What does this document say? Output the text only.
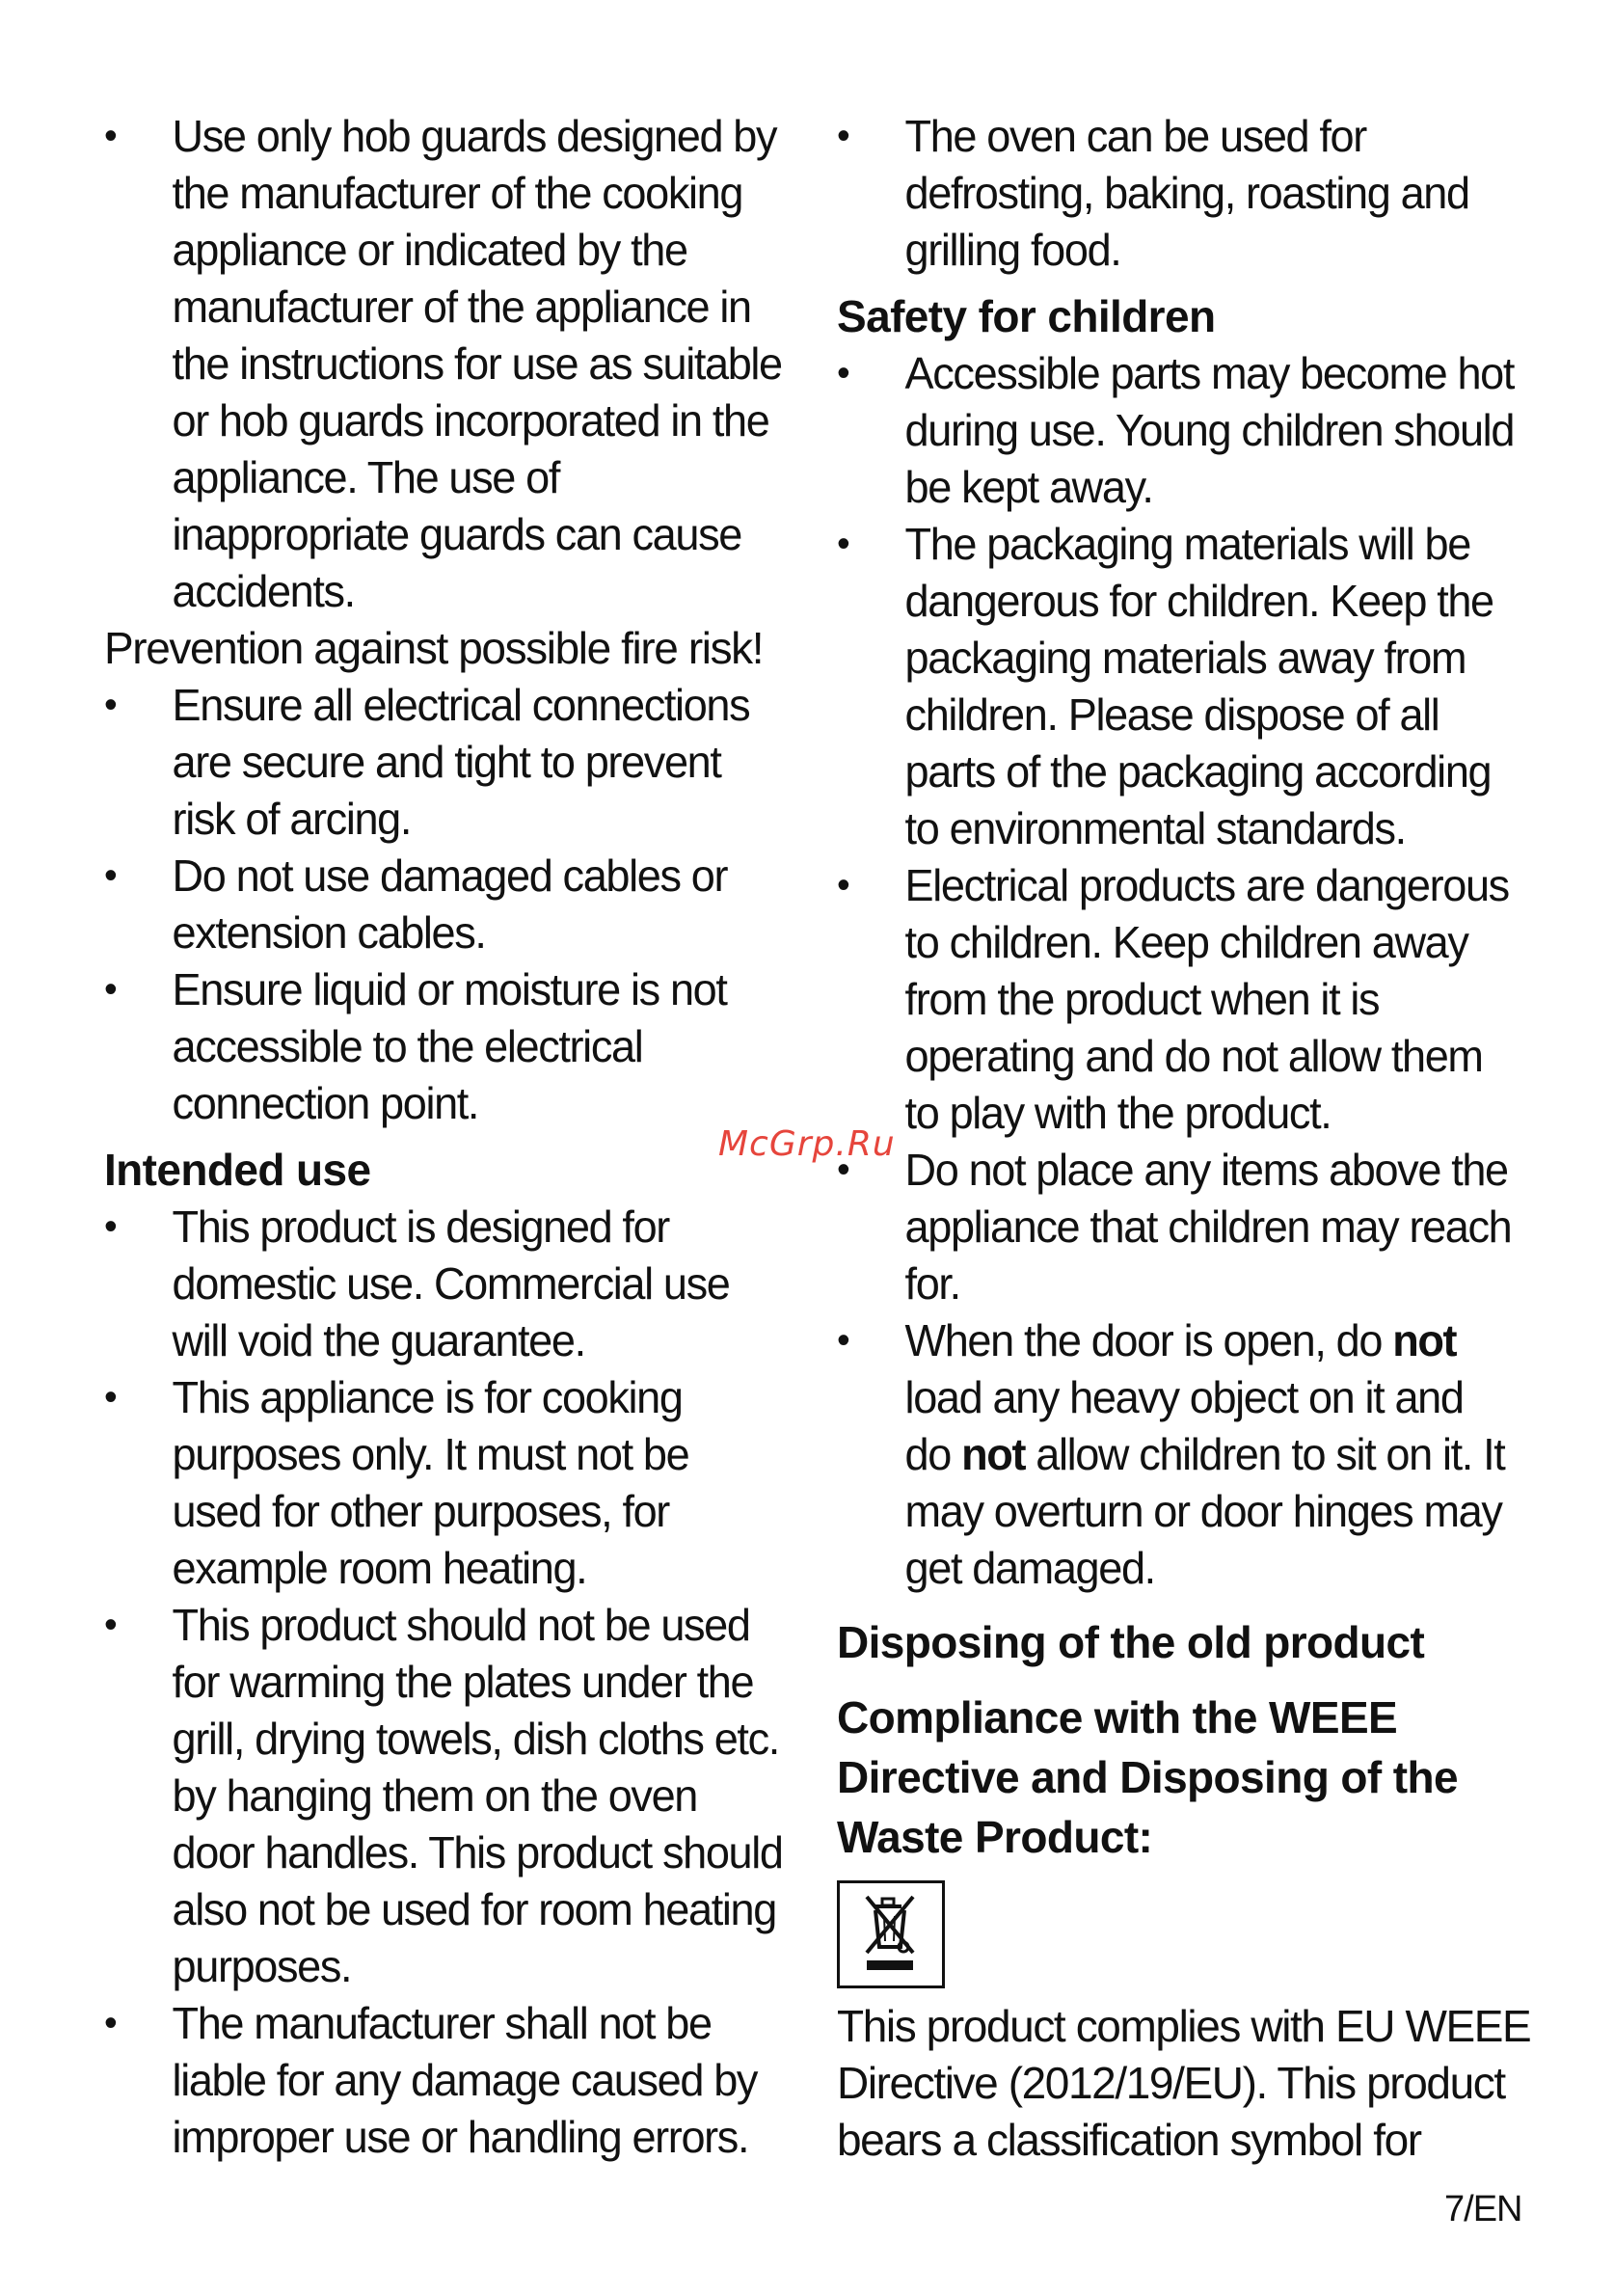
• Use only hob guards designed by the manufacturer of the cooking appliance or indicated by the manufacturer of the appliance in the instructions for use as suitable or hob guards incorporated in the appliance. The use of inappropriate guards can cause accidents.

Prevention against possible fire risk!

• Ensure all electrical connections are secure and tight to prevent risk of arcing.
• Do not use damaged cables or extension cables.
• Ensure liquid or moisture is not accessible to the electrical connection point.
Intended use
• This product is designed for domestic use. Commercial use will void the guarantee.
• This appliance is for cooking purposes only. It must not be used for other purposes, for example room heating.
• This product should not be used for warming the plates under the grill, drying towels, dish cloths etc. by hanging them on the oven door handles. This product should also not be used for room heating purposes.
• The manufacturer shall not be liable for any damage caused by improper use or handling errors.
• The oven can be used for defrosting, baking, roasting and grilling food.
Safety for children
• Accessible parts may become hot during use. Young children should be kept away.
• The packaging materials will be dangerous for children. Keep the packaging materials away from children. Please dispose of all parts of the packaging according to environmental standards.
• Electrical products are dangerous to children. Keep children away from the product when it is operating and do not allow them to play with the product.
• Do not place any items above the appliance that children may reach for.
• When the door is open, do not load any heavy object on it and do not allow children to sit on it. It may overturn or door hinges may get damaged.
Disposing of the old product
Compliance with the WEEE Directive and Disposing of the Waste Product:

This product complies with EU WEEE Directive (2012/19/EU). This product bears a classification symbol for

McGrp.Ru
7/EN
